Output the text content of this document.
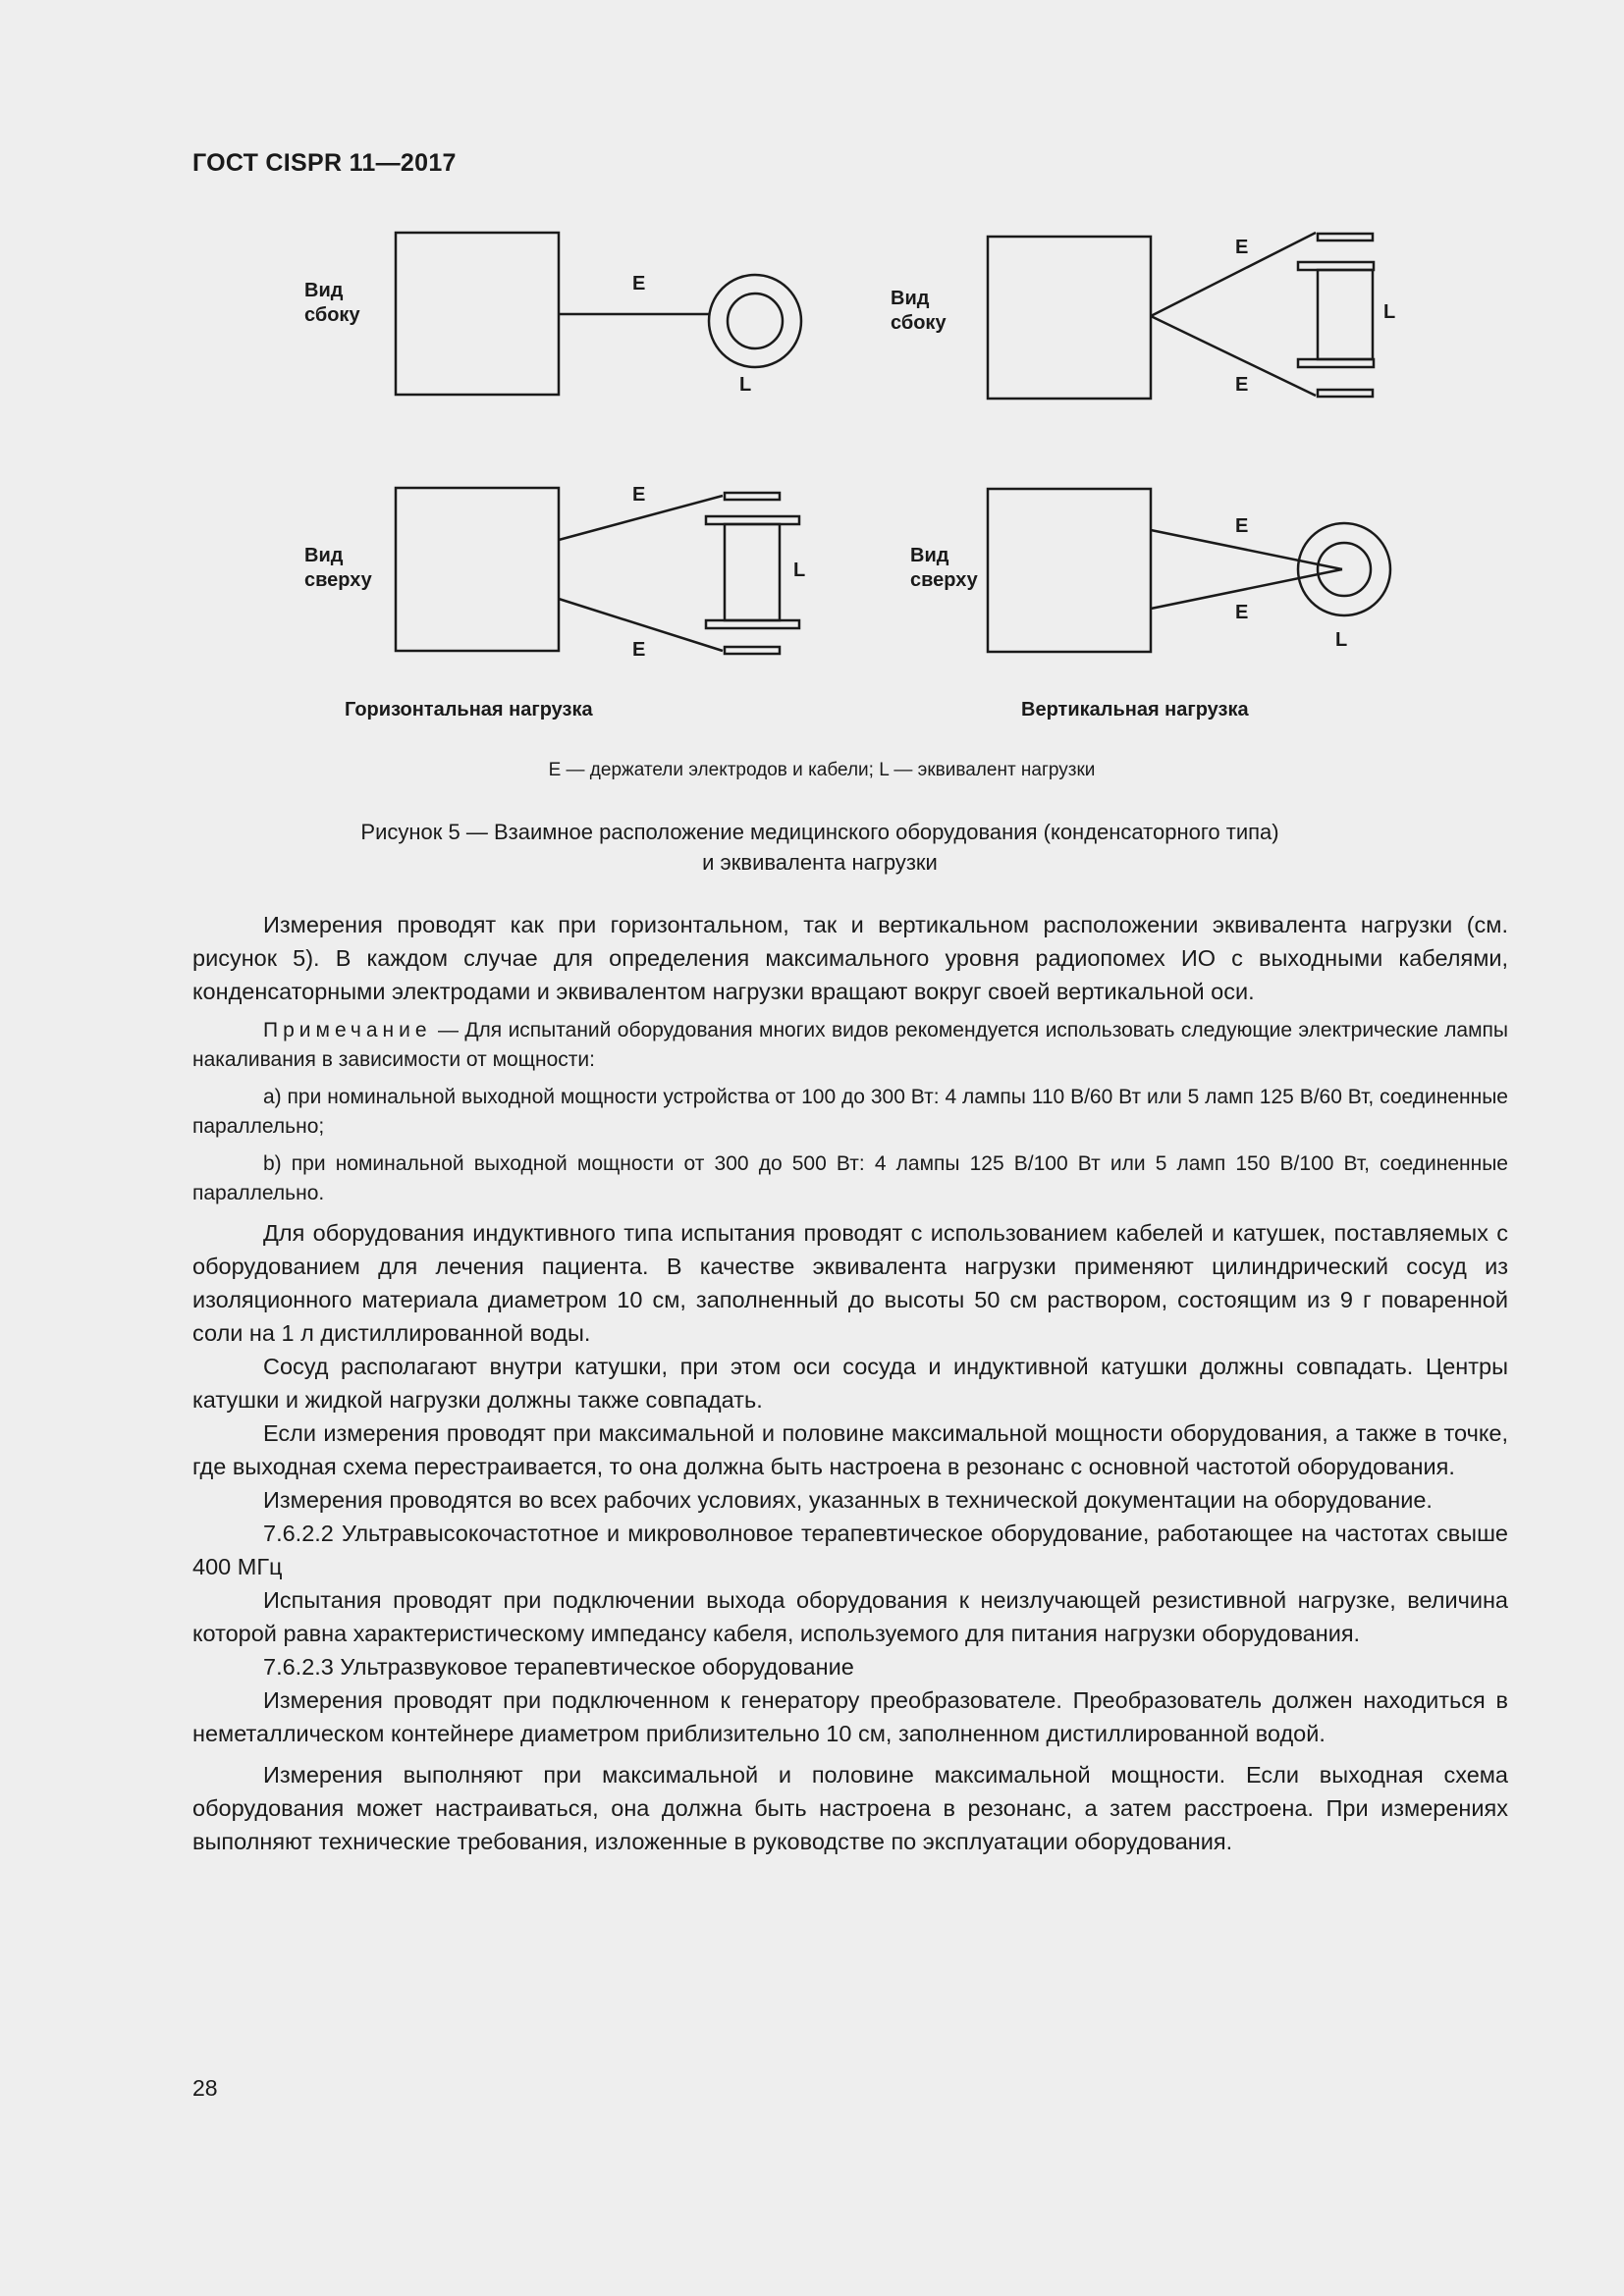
ГОСТ CISPR 11—2017
Вид
сбоку
Вид
сбоку
Вид
сверху
Вид
сверху
E
L
E
E
L
E
E
L
E
E
L
Горизонтальная нагрузка	Вертикальная нагрузка
E — держатели электродов и кабели; L — эквивалент нагрузки
Рисунок 5 — Взаимное расположение медицинского оборудования (конденсаторного типа)
и эквивалента нагрузки

Измерения проводят как при горизонтальном, так и вертикальном расположении эквивалента нагрузки (см. рисунок 5). В каждом случае для определения максимального уровня радиопомех ИО с выходными кабелями, конденсаторными электродами и эквивалентом нагрузки вращают вокруг своей вертикальной оси.

Примечание — Для испытаний оборудования многих видов рекомендуется использовать следующие электрические лампы накаливания в зависимости от мощности:

a) при номинальной выходной мощности устройства от 100 до 300 Вт: 4 лампы 110 В/60 Вт или 5 ламп 125 В/60 Вт, соединенные параллельно;

b) при номинальной выходной мощности от 300 до 500 Вт: 4 лампы 125 В/100 Вт или 5 ламп 150 В/100 Вт, соединенные параллельно.

Для оборудования индуктивного типа испытания проводят с использованием кабелей и катушек, поставляемых с оборудованием для лечения пациента. В качестве эквивалента нагрузки применяют цилиндрический сосуд из изоляционного материала диаметром 10 см, заполненный до высоты 50 см раствором, состоящим из 9 г поваренной соли на 1 л дистиллированной воды.

Сосуд располагают внутри катушки, при этом оси сосуда и индуктивной катушки должны совпадать. Центры катушки и жидкой нагрузки должны также совпадать.

Если измерения проводят при максимальной и половине максимальной мощности оборудования, а также в точке, где выходная схема перестраивается, то она должна быть настроена в резонанс с основной частотой оборудования.

Измерения проводятся во всех рабочих условиях, указанных в технической документации на оборудование.

7.6.2.2 Ультравысокочастотное и микроволновое терапевтическое оборудование, работающее на частотах свыше 400 МГц

Испытания проводят при подключении выхода оборудования к неизлучающей резистивной нагрузке, величина которой равна характеристическому импедансу кабеля, используемого для питания нагрузки оборудования.

7.6.2.3 Ультразвуковое терапевтическое оборудование

Измерения проводят при подключенном к генератору преобразователе. Преобразователь должен находиться в неметаллическом контейнере диаметром приблизительно 10 см, заполненном дистиллированной водой.

Измерения выполняют при максимальной и половине максимальной мощности. Если выходная схема оборудования может настраиваться, она должна быть настроена в резонанс, а затем расстроена. При измерениях выполняют технические требования, изложенные в руководстве по эксплуатации оборудования.

28
